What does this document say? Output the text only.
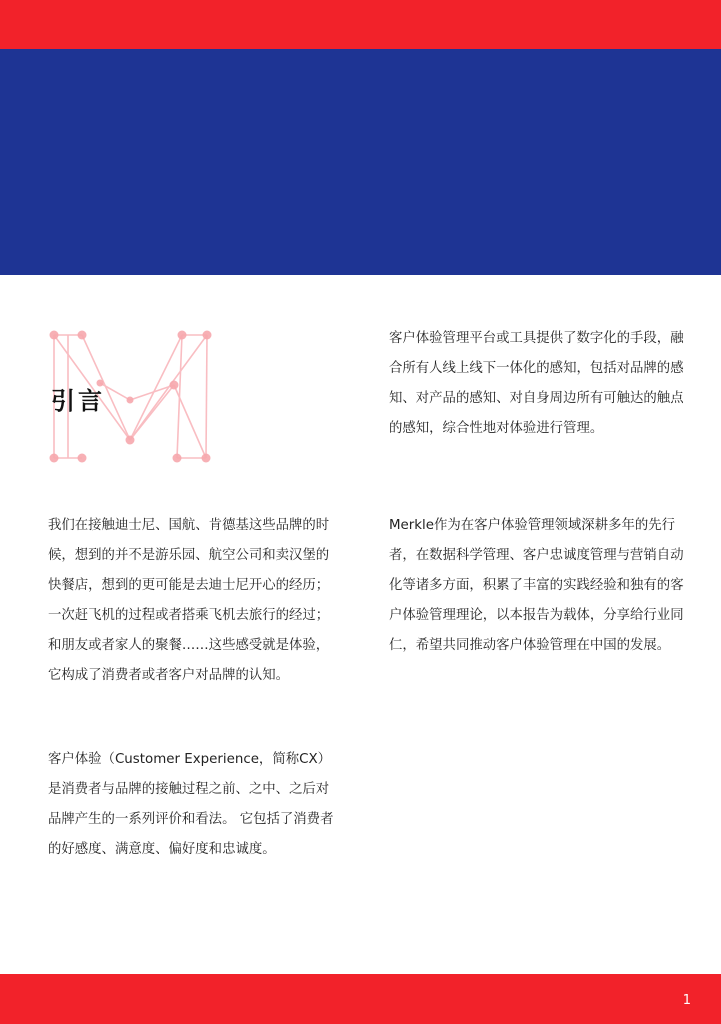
引言

我们在接触迪士尼、国航、肯德基这些品牌的时候，想到的并不是游乐园、航空公司和卖汉堡的快餐店，想到的更可能是去迪士尼开心的经历；一次赶飞机的过程或者搭乘飞机去旅行的经过；和朋友或者家人的聚餐……这些感受就是体验，它构成了消费者或者客户对品牌的认知。

客户体验（Customer Experience，简称CX）是消费者与品牌的接触过程之前、之中、之后对品牌产生的一系列评价和看法。 它包括了消费者的好感度、满意度、偏好度和忠诚度。

客户体验管理平台或工具提供了数字化的手段，融合所有人线上线下一体化的感知，包括对品牌的感知、对产品的感知、对自身周边所有可触达的触点的感知，综合性地对体验进行管理。

Merkle作为在客户体验管理领域深耕多年的先行者，在数据科学管理、客户忠诚度管理与营销自动化等诸多方面，积累了丰富的实践经验和独有的客户体验管理理论，以本报告为载体，分享给行业同仁，希望共同推动客户体验管理在中国的发展。

1
